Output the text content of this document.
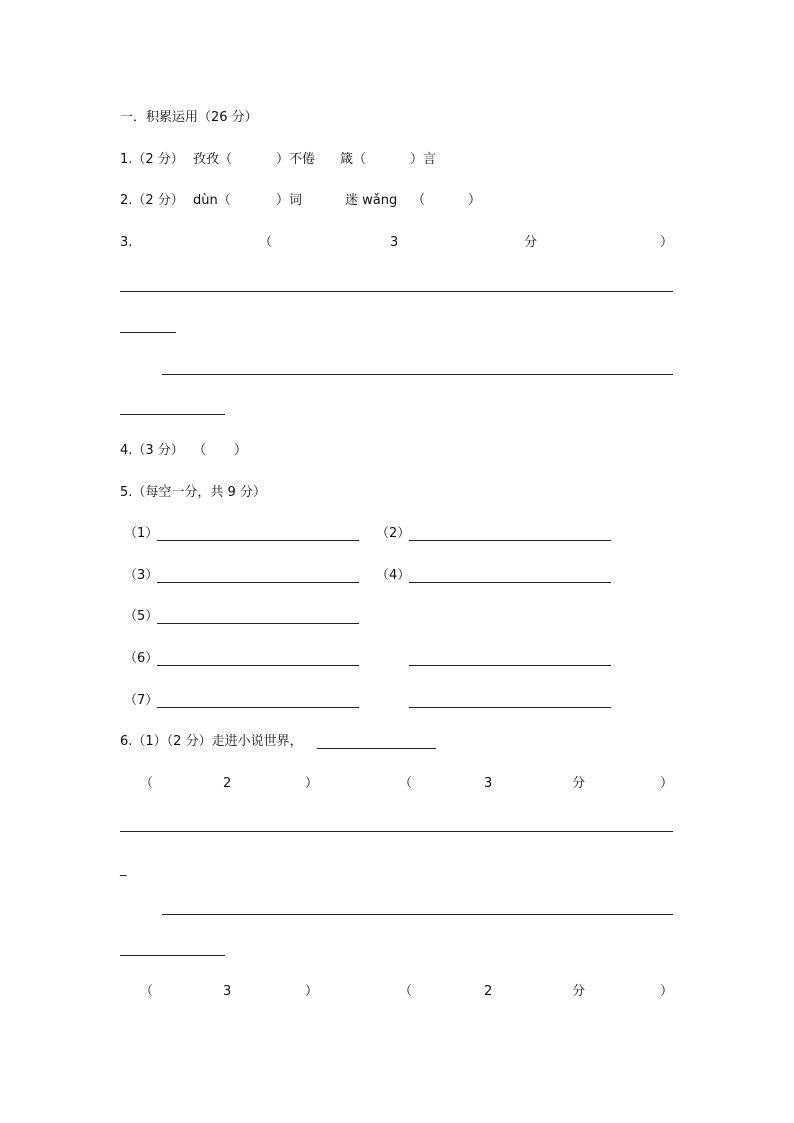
一．积累运用（26 分）
1.（2 分） 孜孜（	）不倦 箴（	）言
2.（2 分） dùn（	）词	迷 wǎng （	）
3.	（	3	分	）
4.（3 分） （ ）
5.（每空一分，共 9 分）
（1）	（2）
（3）	（4）
（5）
（6）
（7）
6.（1）（2 分）走进小说世界，
（	2	）	（	3	分	）
_
（	3	）	（	2	分	）
